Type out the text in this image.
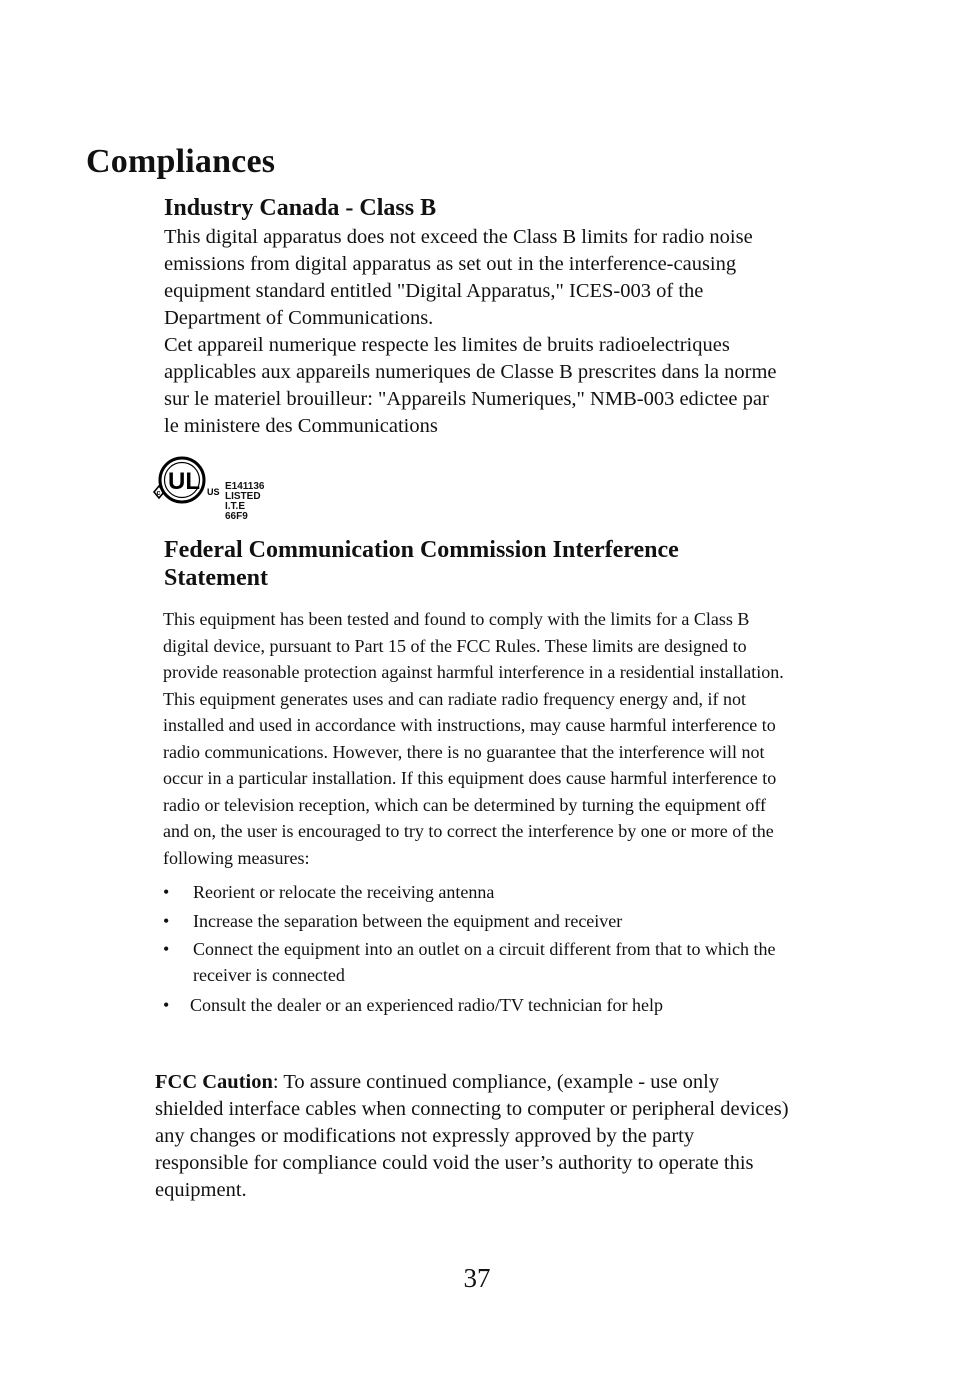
Compliances
Industry Canada - Class B
This digital apparatus does not exceed the Class B limits for radio noise
emissions from digital apparatus as set out in the interference-causing
equipment standard entitled "Digital Apparatus," ICES-003 of the
Department of Communications.
Cet appareil numerique respecte les limites de bruits radioelectriques
applicables aux appareils numeriques de Classe B prescrites dans la norme
sur le materiel brouilleur: "Appareils Numeriques," NMB-003 edictee par
le ministere des Communications
c UL US E141136
LISTED
I.T.E
66F9
Federal Communication Commission Interference
Statement
This equipment has been tested and found to comply with the limits for a Class B
digital device, pursuant to Part 15 of the FCC Rules. These limits are designed to
provide reasonable protection against harmful interference in a residential installation.
This equipment generates uses and can radiate radio frequency energy and, if not
installed and used in accordance with instructions, may cause harmful interference to
radio communications. However, there is no guarantee that the interference will not
occur in a particular installation. If this equipment does cause harmful interference to
radio or television reception, which can be determined by turning the equipment off
and on, the user is encouraged to try to correct the interference by one or more of the
following measures:
• Reorient or relocate the receiving antenna
• Increase the separation between the equipment and receiver
• Connect the equipment into an outlet on a circuit different from that to which the
receiver is connected
• Consult the dealer or an experienced radio/TV technician for help
FCC Caution: To assure continued compliance, (example - use only
shielded interface cables when connecting to computer or peripheral devices)
any changes or modifications not expressly approved by the party
responsible for compliance could void the user’s authority to operate this
equipment.
37
